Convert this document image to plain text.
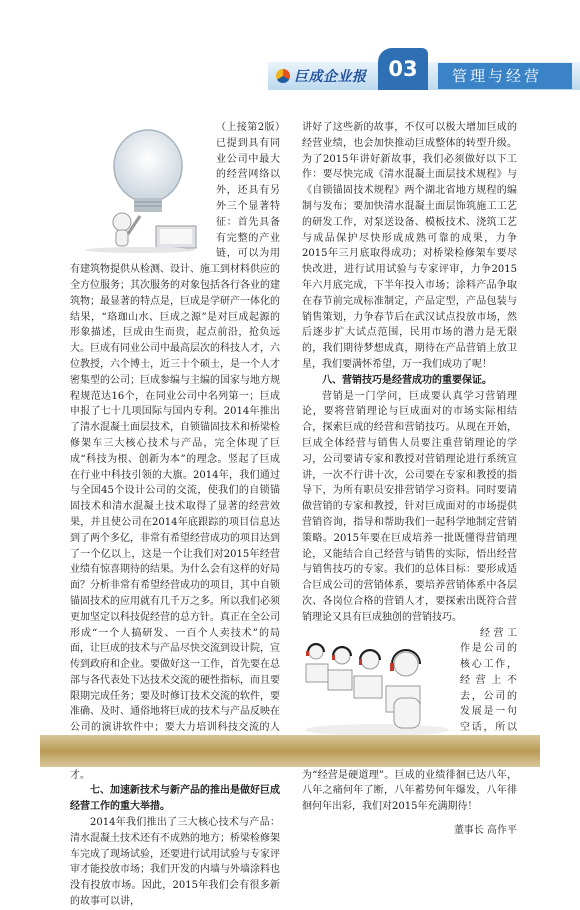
巨成企业报 03	管理与经营

（上接第2版）已提到具有同业公司中最大的经营网络以外，还具有另外三个显著特征：首先具备有完整的产业链，可以为用有建筑物提供从检测、设计、施工到材料供应的全方位服务；其次服务的对象包括各行各业的建筑物；最显著的特点是，巨成是学研产一体化的结果，“珞珈山水、巨成之源”是对巨成起源的形象描述，巨成由生而贵，起点前沿，抢负远大。巨成有同业公司中最高层次的科技人才，六位教授，六个博士，近三十个硕士，是一个人才密集型的公司；巨成参编与主编的国家与地方规程规范达16个，在同业公司中名列第一；巨成申报了七十几项国际与国内专利。2014年推出了清水混凝土面层技术，自锁锚固技术和桥梁检修架车三大核心技术与产品，完全体现了巨成“科技为根、创新为本”的理念。竖起了巨成在行业中科技引领的大旗。2014年，我们通过与全国45个设计公司的交流，使我们的自锁锚固技术和清水混凝土技术取得了显著的经营效果，并且使公司在2014年底跟踪的项目信息达到了两个多亿，非常有希望经营成功的项目达到了一个亿以上，这是一个让我们对2015年经营业绩有惊喜期待的结果。为什么会有这样的好局面？分析非常有希望经营成功的项目，其中自锁锚固技术的应用就有几千万之多。所以我们必须更加坚定以科技促经营的总方针。真正在全公司形成“一个人搞研发、一百个人卖技术”的局面，让巨成的技术与产品尽快交流到设计院，宣传到政府和企业。要做好这一工作，首先要在总部与各代表处下达技术交流的硬性指标，而且要限期完成任务；要及时修订技术交流的软件，要准确、及时、通俗地将巨成的技术与产品反映在公司的演讲软件中；要大力培训科技交流的人 才。

七、加速新技术与新产品的推出是做好巨成经营工作的重大举措。

2014年我们推出了三大核心技术与产品：清水混凝土技术还有不成熟的地方；桥梁检修架车完成了现场试验，还要进行试用试验与专家评审才能投放市场；我们开发的内墙与外墙涂料也没有投放市场。因此，2015年我们会有很多新的故事可以讲，

讲好了这些新的故事，不仅可以极大增加巨成的经营业绩，也会加快推动巨成整体的转型升级。为了2015年讲好新故事，我们必须做好以下工作：要尽快完成《清水混凝土面层技术规程》与《自锁锚固技术规程》两个湖北省地方规程的编制与发布；要加快清水混凝土面层饰筑施工工艺的研发工作，对泵送设备、模板技术、浇筑工艺与成品保护尽快形成成熟可靠的成果，力争2015年三月底取得成功；对桥梁检修架车要尽快改进，进行试用试验与专家评审，力争2015年六月底完成，下半年投入市场；涂料产品争取在春节前完成标准制定，产品定型，产品包装与销售策划，力争春节后在武汉试点投放市场，然后逐步扩大试点范围，民用市场的潜力是无限的，我们期待梦想成真，期待在产品营销上放卫星，我们要满怀希望，万一我们成功了呢！

八、营销技巧是经营成功的重要保证。

营销是一门学问，巨成要认真学习营销理论，要将营销理论与巨成面对的市场实际相结合，探索巨成的经营和营销技巧。从现在开始，巨成全体经营与销售人员要注重营销理论的学习，公司要请专家和教授对营销理论进行系统宣讲，一次不行讲十次，公司要在专家和教授的指导下，为所有职员安排营销学习资料。同时要请做营销的专家和教授，针对巨成面对的市场提供营销咨询，指导和帮助我们一起科学地制定营销策略。2015年要在巨成培养一批既懂得营销理论，又能结合自己经营与销售的实际，悟出经营与销售技巧的专家。我们的总体目标：要形成适合巨成公司的营销体系，要培养营销体系中各层次、各岗位合格的营销人才，要探索出既符合营销理论又具有巨成独创的营销技巧。

经营工作是公司的核心工作，经营上不去，公司的发展是一句空话，所以 为“经营是硬道理”。巨成的业绩徘徊已达八年，八年之痛何年了断，八年蓄势何年爆发，八年徘徊何年出彩，我们对2015年充满期待！

董事长 高作平
